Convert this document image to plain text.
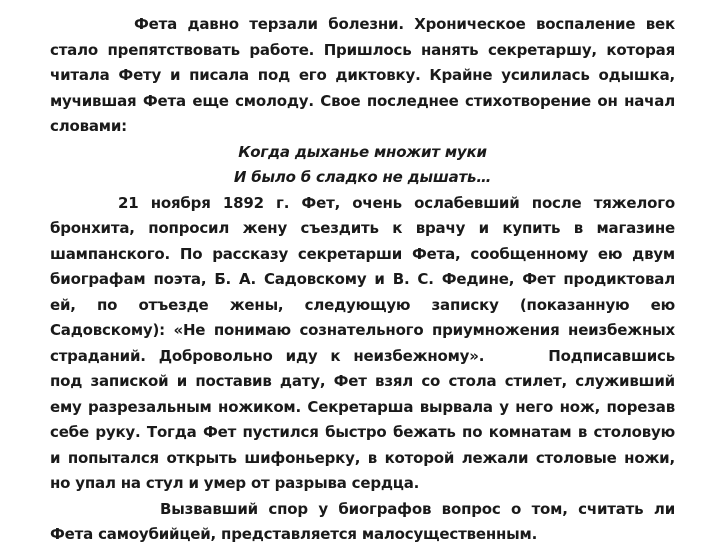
Фета давно терзали болезни. Хроническое воспаление век стало препятствовать работе. Пришлось нанять секретаршу, которая читала Фету и писала под его диктовку. Крайне усилилась одышка, мучившая Фета еще смолоду. Свое последнее стихотворение он начал словами:

Когда дыханье множит муки

И было б сладко не дышать…

21 ноября 1892 г. Фет, очень ослабевший после тяжелого бронхита, попросил жену съездить к врачу и купить в магазине шампанского. По рассказу секретарши Фета, сообщенному ею двум биографам поэта, Б. А. Садовскому и В. С. Федине, Фет продиктовал ей, по отъезде жены, следующую записку (показанную ею Садовскому): «Не понимаю сознательного приумножения неизбежных страданий. Добровольно иду к неизбежному».	Подписавшись под запиской и поставив дату, Фет взял со стола стилет, служивший ему разрезальным ножиком. Секретарша вырвала у него нож, порезав себе руку. Тогда Фет пустился быстро бежать по комнатам в столовую и попытался открыть шифоньерку, в которой лежали столовые ножи, но упал на стул и умер от разрыва сердца.

Вызвавший спор у биографов вопрос о том, считать ли Фета самоубийцей, представляется малосущественным.
